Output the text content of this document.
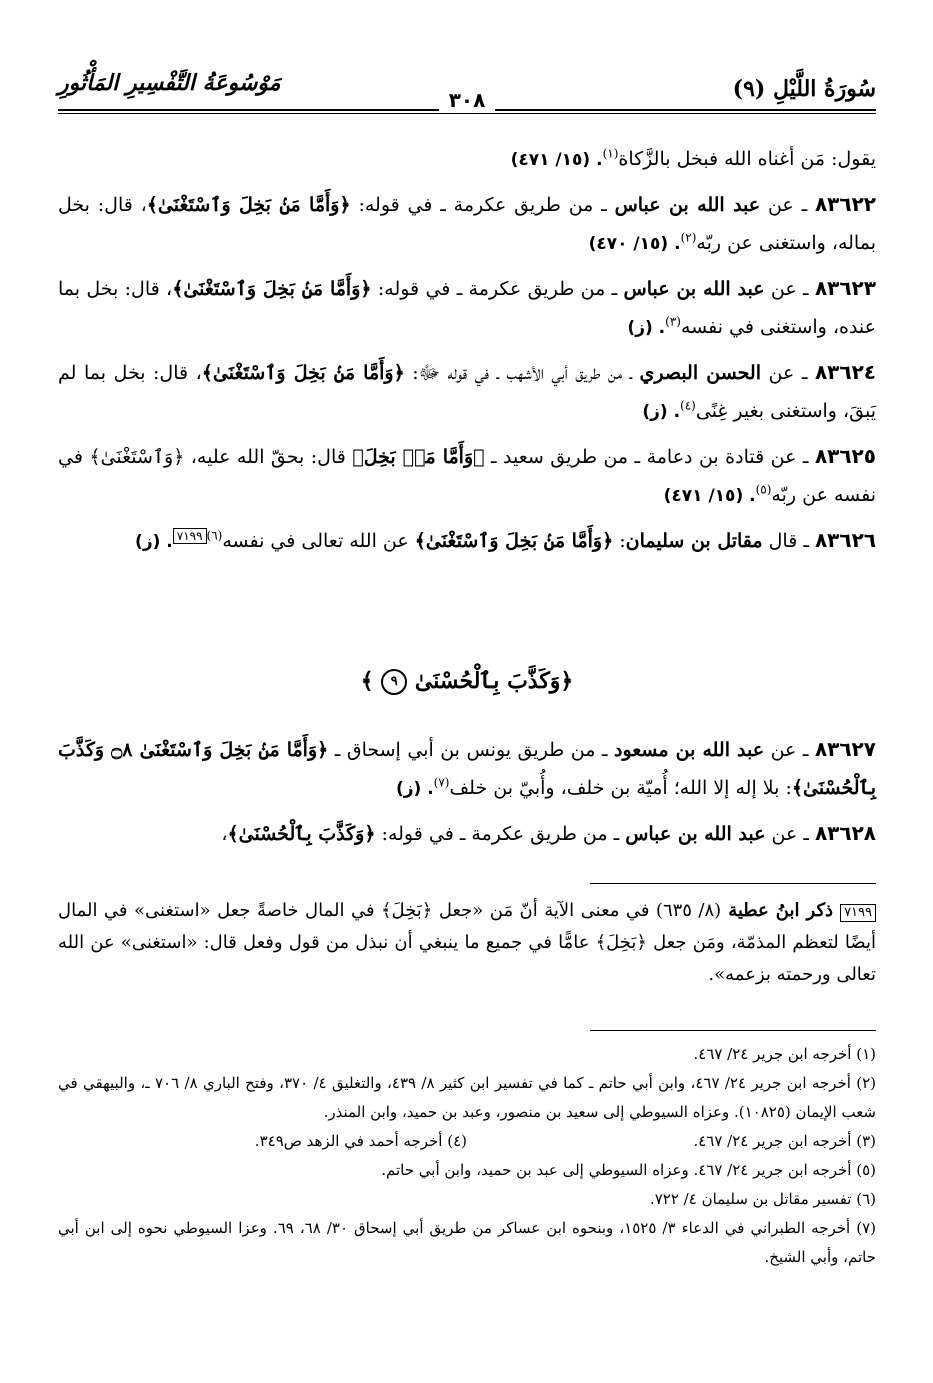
سُورَةُ اللَّيْلِ (٩)
٣٠٨
مَوْسُوعَةُ التَّفْسِيرِ المَأْثُورِ
يقول: مَن أغناه الله فبخل بالزَّكاة$^{(١)}$. (١٥/ ٤٧١)
٨٣٦٢٢ ـ عن عبد الله بن عباس ـ من طريق عكرمة ـ في قوله: ﴿وَأَمَّا مَنۢ بَخِلَ وَٱسْتَغْنَىٰ﴾، قال: بخل بماله، واستغنى عن ربّه$^{(٢)}$. (١٥/ ٤٧٠)
٨٣٦٢٣ ـ عن عبد الله بن عباس ـ من طريق عكرمة ـ في قوله: ﴿وَأَمَّا مَنۢ بَخِلَ وَٱسْتَغْنَىٰ﴾، قال: بخل بما عنده، واستغنى في نفسه$^{(٣)}$. (ز)
٨٣٦٢٤ ـ عن الحسن البصري ـ من طريق أبي الأشهب ـ في قوله ﷻ: ﴿وَأَمَّا مَنۢ بَخِلَ وَٱسْتَغْنَىٰ﴾، قال: بخل بما لم يَبقَ، واستغنى بغير غِنًى$^{(٤)}$. (ز)
٨٣٦٢٥ ـ عن قتادة بن دعامة ـ من طريق سعيد ـ ﴿وَأَمَّا مَنۢ بَخِلَ﴾ قال: بحقّ الله عليه، ﴿وَٱسْتَغْنَىٰ﴾ في نفسه عن ربّه$^{(٥)}$. (١٥/ ٤٧١)
٨٣٦٢٦ ـ قال مقاتل بن سليمان: ﴿وَأَمَّا مَنۢ بَخِلَ وَٱسْتَغْنَىٰ﴾ عن الله تعالى في نفسه$^{(٦)}$٧١٩٩. (ز)
﴿وَكَذَّبَ بِٱلْحُسْنَىٰ ٩ ﴾
٨٣٦٢٧ ـ عن عبد الله بن مسعود ـ من طريق يونس بن أبي إسحاق ـ ﴿وَأَمَّا مَنۢ بَخِلَ وَٱسْتَغْنَىٰ ۝٨ وَكَذَّبَ بِٱلْحُسْنَىٰ﴾: بلا إله إلا الله؛ أُميّة بن خلف، وأُبيّ بن خلف$^{(٧)}$. (ز)
٨٣٦٢٨ ـ عن عبد الله بن عباس ـ من طريق عكرمة ـ في قوله: ﴿وَكَذَّبَ بِٱلْحُسْنَىٰ﴾،
٧١٩٩ ذكر ابنُ عطية (٨/ ٦٣٥) في معنى الآية أنّ مَن «جعل ﴿بَخِلَ﴾ في المال خاصةً جعل «استغنى» في المال أيضًا لتعظم المذمّة، ومَن جعل ﴿بَخِلَ﴾ عامًّا في جميع ما ينبغي أن نبذل من قول وفعل قال: «استغنى» عن الله تعالى ورحمته بزعمه».
(١) أخرجه ابن جرير ٢٤/ ٤٦٧.
(٢) أخرجه ابن جرير ٢٤/ ٤٦٧، وابن أبي حاتم ـ كما في تفسير ابن كثير ٨/ ٤٣٩، والتغليق ٤/ ٣٧٠، وفتح الباري ٨/ ٧٠٦ ـ، والبيهقي في شعب الإيمان (١٠٨٢٥). وعزاه السيوطي إلى سعيد بن منصور، وعبد بن حميد، وابن المنذر.
(٣) أخرجه ابن جرير ٢٤/ ٤٦٧.
(٤) أخرجه أحمد في الزهد ص٣٤٩.
(٥) أخرجه ابن جرير ٢٤/ ٤٦٧. وعزاه السيوطي إلى عبد بن حميد، وابن أبي حاتم.
(٦) تفسير مقاتل بن سليمان ٤/ ٧٢٢.
(٧) أخرجه الطبراني في الدعاء ٣/ ١٥٢٥، وبنحوه ابن عساكر من طريق أبي إسحاق ٣٠/ ٦٨، ٦٩. وعزا السيوطي نحوه إلى ابن أبي حاتم، وأبي الشيخ.
